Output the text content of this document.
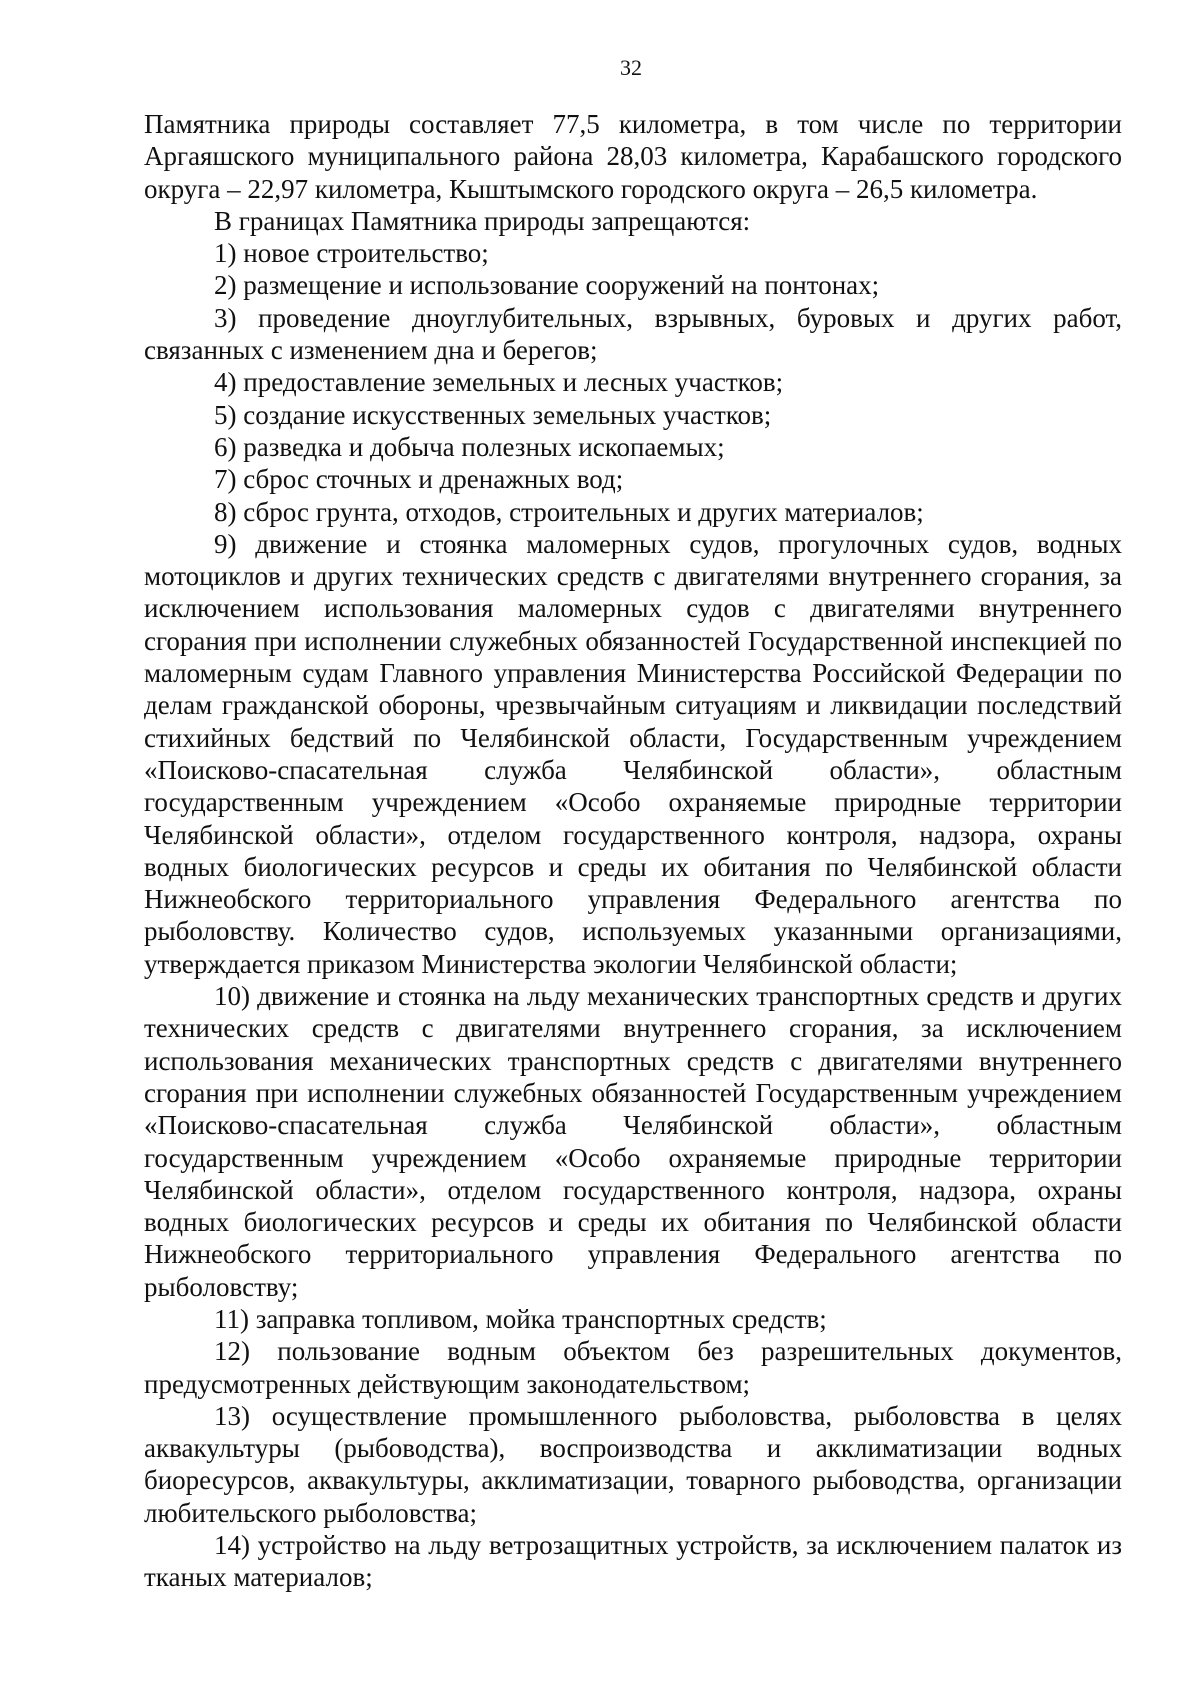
32

Памятника природы составляет 77,5 километра, в том числе по территории Аргаяшского муниципального района 28,03 километра, Карабашского городского округа – 22,97 километра, Кыштымского городского округа – 26,5 километра.

В границах Памятника природы запрещаются:

1) новое строительство;

2) размещение и использование сооружений на понтонах;

3) проведение дноуглубительных, взрывных, буровых и других работ, связанных с изменением дна и берегов;

4) предоставление земельных и лесных участков;

5) создание искусственных земельных участков;

6) разведка и добыча полезных ископаемых;

7) сброс сточных и дренажных вод;

8) сброс грунта, отходов, строительных и других материалов;

9) движение и стоянка маломерных судов, прогулочных судов, водных мотоциклов и других технических средств с двигателями внутреннего сгорания, за исключением использования маломерных судов с двигателями внутреннего сгорания при исполнении служебных обязанностей Государственной инспекцией по маломерным судам Главного управления Министерства Российской Федерации по делам гражданской обороны, чрезвычайным ситуациям и ликвидации последствий стихийных бедствий по Челябинской области, Государственным учреждением «Поисково-спасательная служба Челябинской области», областным государственным учреждением «Особо охраняемые природные территории Челябинской области», отделом государственного контроля, надзора, охраны водных биологических ресурсов и среды их обитания по Челябинской области Нижнеобского территориального управления Федерального агентства по рыболовству. Количество судов, используемых указанными организациями, утверждается приказом Министерства экологии Челябинской области;

10) движение и стоянка на льду механических транспортных средств и других технических средств с двигателями внутреннего сгорания, за исключением использования механических транспортных средств с двигателями внутреннего сгорания при исполнении служебных обязанностей Государственным учреждением «Поисково-спасательная служба Челябинской области», областным государственным учреждением «Особо охраняемые природные территории Челябинской области», отделом государственного контроля, надзора, охраны водных биологических ресурсов и среды их обитания по Челябинской области Нижнеобского территориального управления Федерального агентства по рыболовству;

11) заправка топливом, мойка транспортных средств;

12) пользование водным объектом без разрешительных документов, предусмотренных действующим законодательством;

13) осуществление промышленного рыболовства, рыболовства в целях аквакультуры (рыбоводства), воспроизводства и акклиматизации водных биоресурсов, аквакультуры, акклиматизации, товарного рыбоводства, организации любительского рыболовства;

14) устройство на льду ветрозащитных устройств, за исключением палаток из тканых материалов;
